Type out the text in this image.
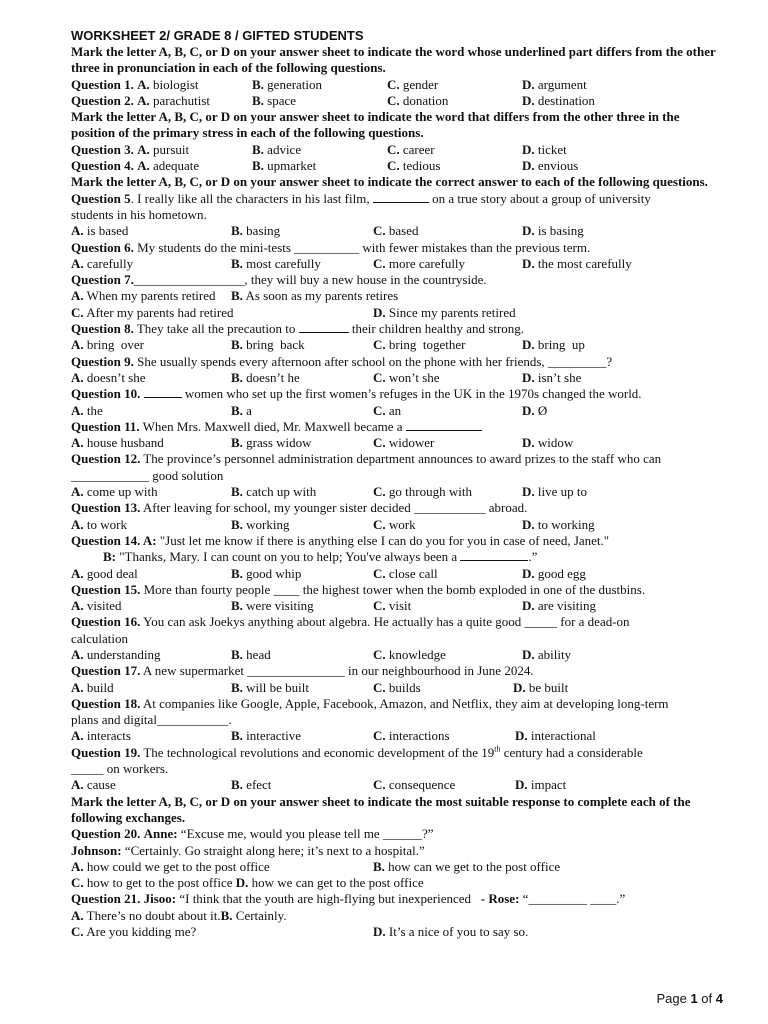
WORKSHEET 2/ GRADE 8 / GIFTED STUDENTS
Mark the letter A, B, C, or D on your answer sheet to indicate the word whose underlined part differs from the other three in pronunciation in each of the following questions.
Question 1. A. biologist	B. generation	C. gender	D. argument
Question 2. A. parachutist	B. space	C. donation	D. destination
Mark the letter A, B, C, or D on your answer sheet to indicate the word that differs from the other three in the position of the primary stress in each of the following questions.
Question 3. A. pursuit	B. advice	C. career	D. ticket
Question 4. A. adequate	B. upmarket	C. tedious	D. envious
Mark the letter A, B, C, or D on your answer sheet to indicate the correct answer to each of the following questions.
Question 5. I really like all the characters in his last film,	on a true story about a group of university
students in his hometown.
A. is based	B. basing	C. based	D. is basing
Question 6. My students do the mini-tests __________ with fewer mistakes than the previous term.
A. carefully	B. most carefully	C. more carefully	D. the most carefully
Question 7._________________, they will buy a new house in the countryside.
A. When my parents retired	B. As soon as my parents retires
C. After my parents had retired	D. Since my parents retired
Question 8. They take all the precaution to	their children healthy and strong.
A. bring  over	B. bring  back	C. bring  together	D. bring  up
Question 9. She usually spends every afternoon after school on the phone with her friends, _________?
A. doesn’t she	B. doesn’t he	C. won’t she	D. isn’t she
Question 10.	women who set up the first women’s refuges in the UK in the 1970s changed the world.
A. the	B. a	C. an	D. Ø
Question 11. When Mrs. Maxwell died, Mr. Maxwell became a
A. house husband	B. grass widow	C. widower	D. widow
Question 12. The province’s personnel administration department announces to award prizes to the staff who can
____________ good solution
A. come up with	B. catch up with	C. go through with	D. live up to
Question 13. After leaving for school, my younger sister decided ___________ abroad.
A. to work	B. working	C. work	D. to working
Question 14. A: "Just let me know if there is anything else I can do you for you in case of need, Janet."
B: "Thanks, Mary. I can count on you to help; You've always been a	.”
A. good deal	B. good whip	C. close call	D. good egg
Question 15. More than fourty people ____ the highest tower when the bomb exploded in one of the dustbins.
A. visited	B. were visiting	C. visit	D. are visiting
Question 16. You can ask Joekys anything about algebra. He actually has a quite good _____ for a dead-on
calculation
A. understanding	B. head	C. knowledge	D. ability
Question 17. A new supermarket _______________ in our neighbourhood in June 2024.
A. build	B. will be built	C. builds	D. be built
Question 18. At companies like Google, Apple, Facebook, Amazon, and Netflix, they aim at developing long-term
plans and digital___________.
A. interacts	B. interactive	C. interactions	D. interactional
Question 19. The technological revolutions and economic development of the 19th century had a considerable
_____ on workers.
A. cause	B. efect	C. consequence	D. impact
Mark the letter A, B, C, or D on your answer sheet to indicate the most suitable response to complete each of the following exchanges.
Question 20. Anne: “Excuse me, would you please tell me ______?”
Johnson: “Certainly. Go straight along here; it’s next to a hospital.”
A. how could we get to the post office	B. how can we get to the post office
C. how to get to the post office D. how we can get to the post office
Question 21. Jisoo: “I think that the youth are high-flying but inexperienced - Rose: “_________ ____.”
A. There’s no doubt about it.B. Certainly.
C. Are you kidding me?	D. It’s a nice of you to say so.
Page 1 of 4
